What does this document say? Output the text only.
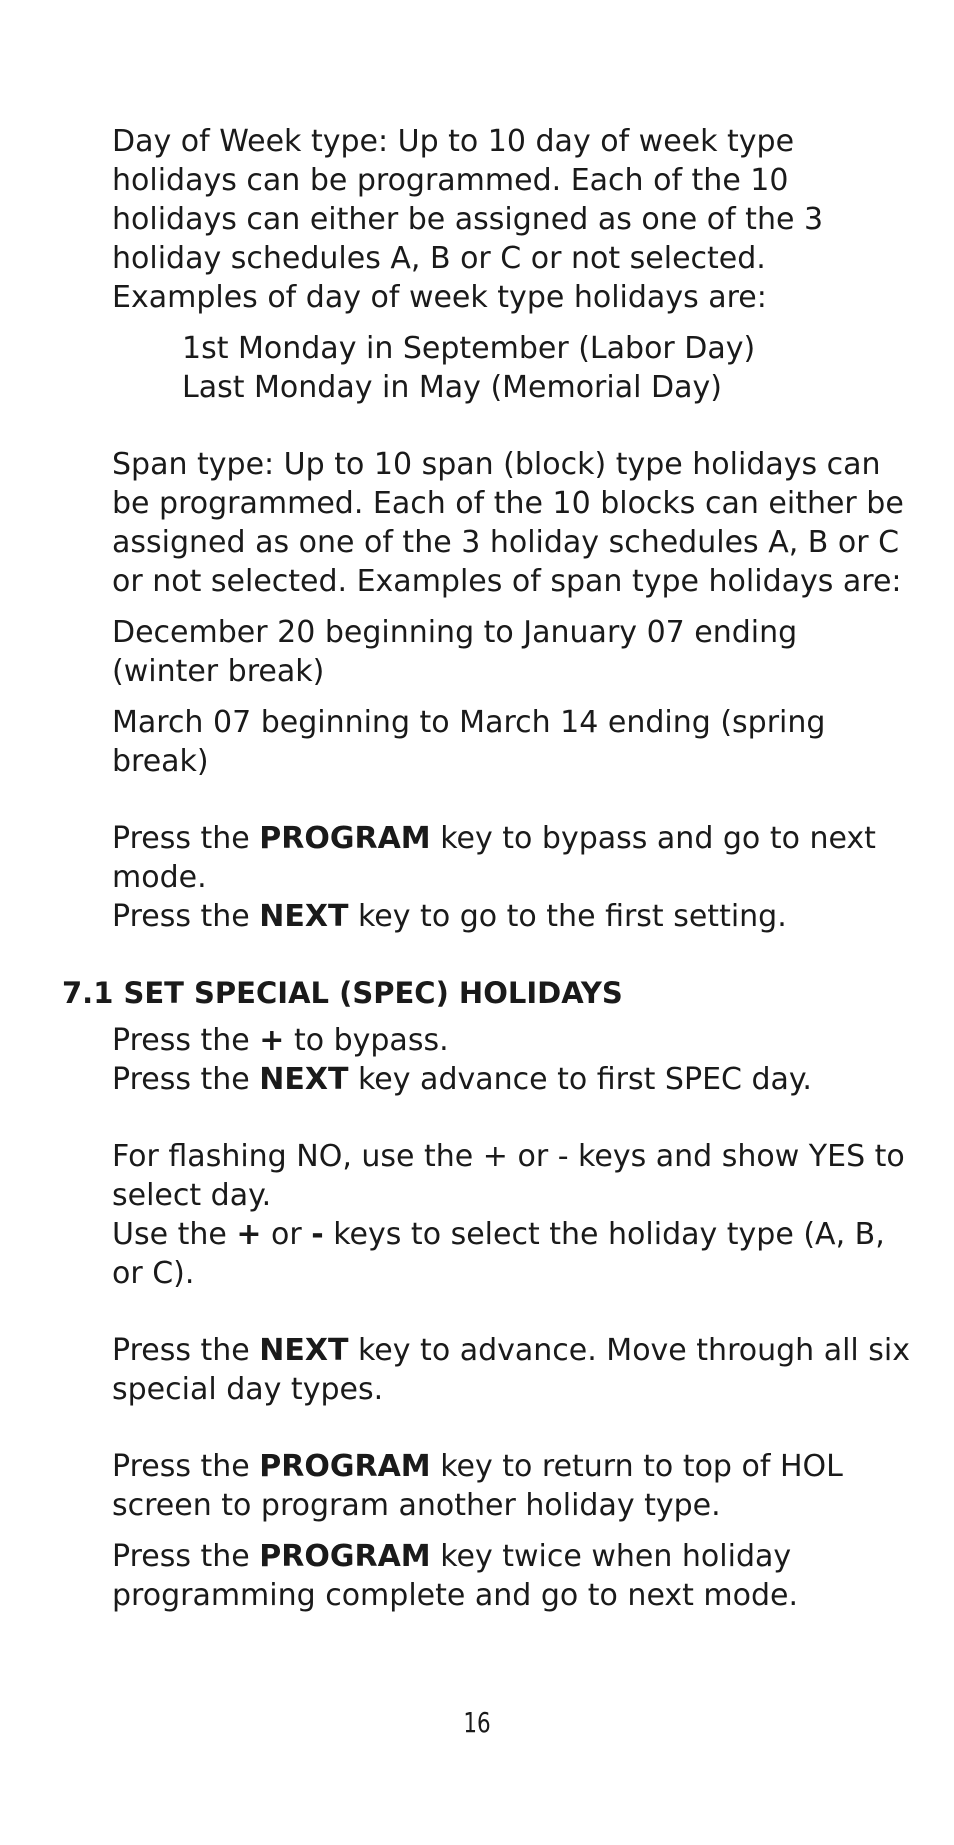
Day of Week type: Up to 10 day of week type holidays can be programmed. Each of the 10 holidays can either be assigned as one of the 3 holiday schedules A, B or C or not selected. Examples of day of week type holidays are:

1st Monday in September (Labor Day)

Last Monday in May (Memorial Day)

Span type: Up to 10 span (block) type holidays can be programmed. Each of the 10 blocks can either be assigned as one of the 3 holiday schedules A, B or C or not selected. Examples of span type holidays are:

December 20 beginning to January 07 ending (winter break)

March 07 beginning to March 14 ending (spring break)

Press the PROGRAM key to bypass and go to next mode.

Press the NEXT key to go to the first setting.

7.1 SET SPECIAL (SPEC) HOLIDAYS

Press the + to bypass.

Press the NEXT key advance to first SPEC day.

For flashing NO, use the + or - keys and show YES to select day.

Use the + or - keys to select the holiday type (A, B, or C).

Press the NEXT key to advance. Move through all six special day types.

Press the PROGRAM key to return to top of HOL screen to program another holiday type.

Press the PROGRAM key twice when holiday programming complete and go to next mode.

16
